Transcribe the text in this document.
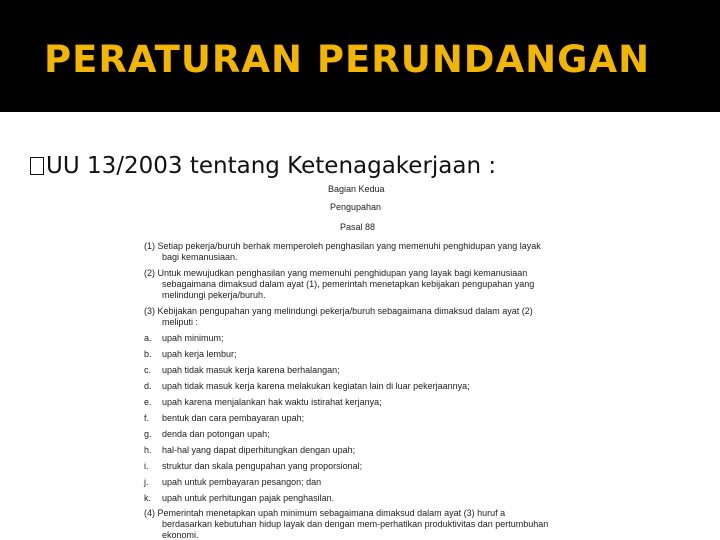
PERATURAN PERUNDANGAN
UU 13/2003 tentang Ketenagakerjaan :
Bagian Kedua
Pengupahan
Pasal 88
(1) Setiap pekerja/buruh berhak memperoleh penghasilan yang memenuhi penghidupan yang layak
bagi kemanusiaan.
(2) Untuk mewujudkan penghasilan yang memenuhi penghidupan yang layak bagi kemanusiaan
sebagaimana dimaksud dalam ayat (1), pemerintah menetapkan kebijakan pengupahan yang
melindungi pekerja/buruh.
(3) Kebijakan pengupahan yang melindungi pekerja/buruh sebagaimana dimaksud dalam ayat (2)
meliputi :
a. upah minimum;
b. upah kerja lembur;
c. upah tidak masuk kerja karena berhalangan;
d. upah tidak masuk kerja karena melakukan kegiatan lain di luar pekerjaannya;
e. upah karena menjalankan hak waktu istirahat kerjanya;
f. bentuk dan cara pembayaran upah;
g. denda dan potongan upah;
h. hal-hal yang dapat diperhitungkan dengan upah;
i. struktur dan skala pengupahan yang proporsional;
j. upah untuk pembayaran pesangon; dan
k. upah untuk perhitungan pajak penghasilan.
(4) Pemerintah menetapkan upah minimum sebagaimana dimaksud dalam ayat (3) huruf a
berdasarkan kebutuhan hidup layak dan dengan mem-perhatikan produktivitas dan pertumbuhan
ekonomi.
